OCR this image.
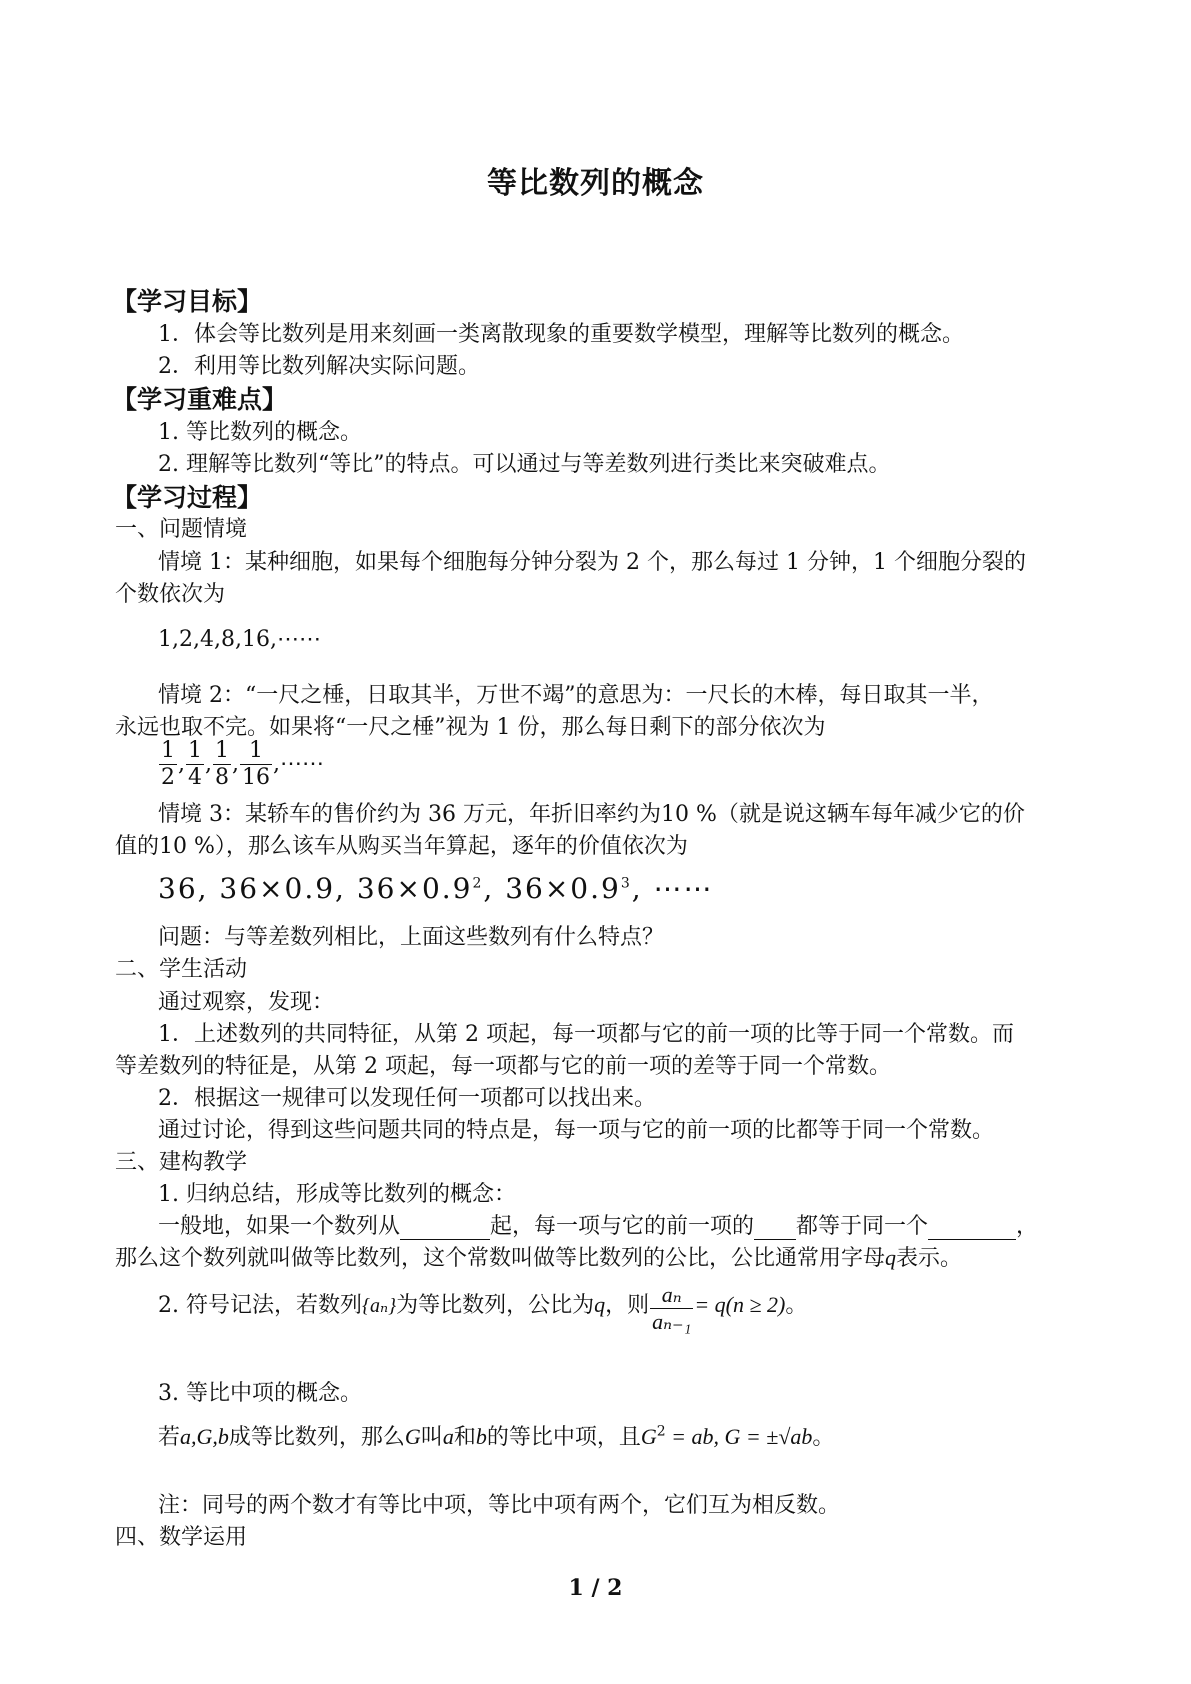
等比数列的概念
【学习目标】
1．体会等比数列是用来刻画一类离散现象的重要数学模型，理解等比数列的概念。
2．利用等比数列解决实际问题。
【学习重难点】
1. 等比数列的概念。
2. 理解等比数列“等比”的特点。可以通过与等差数列进行类比来突破难点。
【学习过程】
一、问题情境
情境 1：某种细胞，如果每个细胞每分钟分裂为 2 个，那么每过 1 分钟，1 个细胞分裂的
个数依次为
1,2,4,8,16,⋯⋯
情境 2：“一尺之棰，日取其半，万世不竭”的意思为：一尺长的木棒，每日取其一半，
永远也取不完。如果将“一尺之棰”视为 1 份，那么每日剩下的部分依次为
$\frac{1}{2}$ , $\frac{1}{4}$ , $\frac{1}{8}$ , $\frac{1}{16}$ ,⋯⋯
情境 3：某轿车的售价约为 36 万元，年折旧率约为10 %（就是说这辆车每年减少它的价
值的10 %），那么该车从购买当年算起，逐年的价值依次为
36, 36×0.9, $36\times 0.9^2$, $36\times 0.9^3$, ⋯⋯
问题：与等差数列相比，上面这些数列有什么特点？
二、学生活动
通过观察，发现：
1．上述数列的共同特征，从第 2 项起，每一项都与它的前一项的比等于同一个常数。而
等差数列的特征是，从第 2 项起，每一项都与它的前一项的差等于同一个常数。
2．根据这一规律可以发现任何一项都可以找出来。
通过讨论，得到这些问题共同的特点是，每一项与它的前一项的比都等于同一个常数。
三、建构教学
1. 归纳总结，形成等比数列的概念：
一般地，如果一个数列从	起，每一项与它的前一项的 都等于同一个	，
那么这个数列就叫做等比数列，这个常数叫做等比数列的公比，公比通常用字母q表示。
2. 符号记法，若数列{aₙ}为等比数列，公比为q，则 $\frac{\text{aₙ}}{\text{aₙ₋₁}} = q(n \ge 2)$。
3. 等比中项的概念。
若a,G,b成等比数列，那么G叫a和b的等比中项，且$G^2$ = ab, G = ±√ab。
注：同号的两个数才有等比中项，等比中项有两个，它们互为相反数。
四、数学运用
1 / 2
